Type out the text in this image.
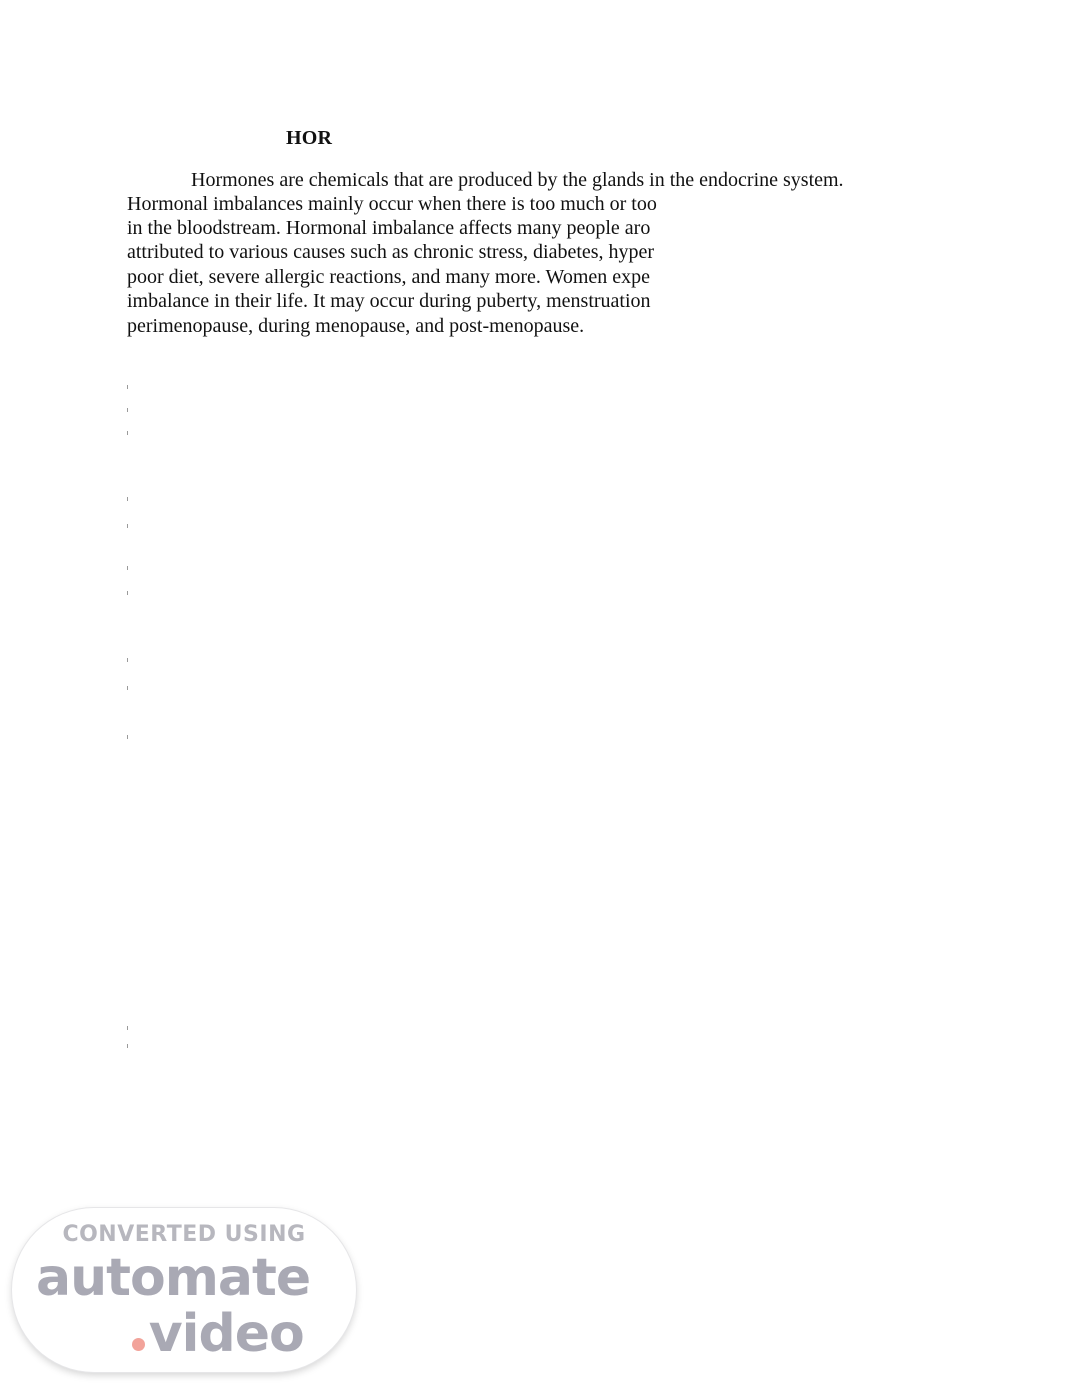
HOR
Hormones are chemicals that are produced by the glands in the endocrine system.
Hormonal imbalances mainly occur when there is too much or too
in the bloodstream. Hormonal imbalance affects many people aro
attributed to various causes such as chronic stress, diabetes, hyper
poor diet, severe allergic reactions, and many more. Women expe
imbalance in their life. It may occur during puberty, menstruation
perimenopause, during menopause, and post-menopause.
CONVERTED USING
automate
video
